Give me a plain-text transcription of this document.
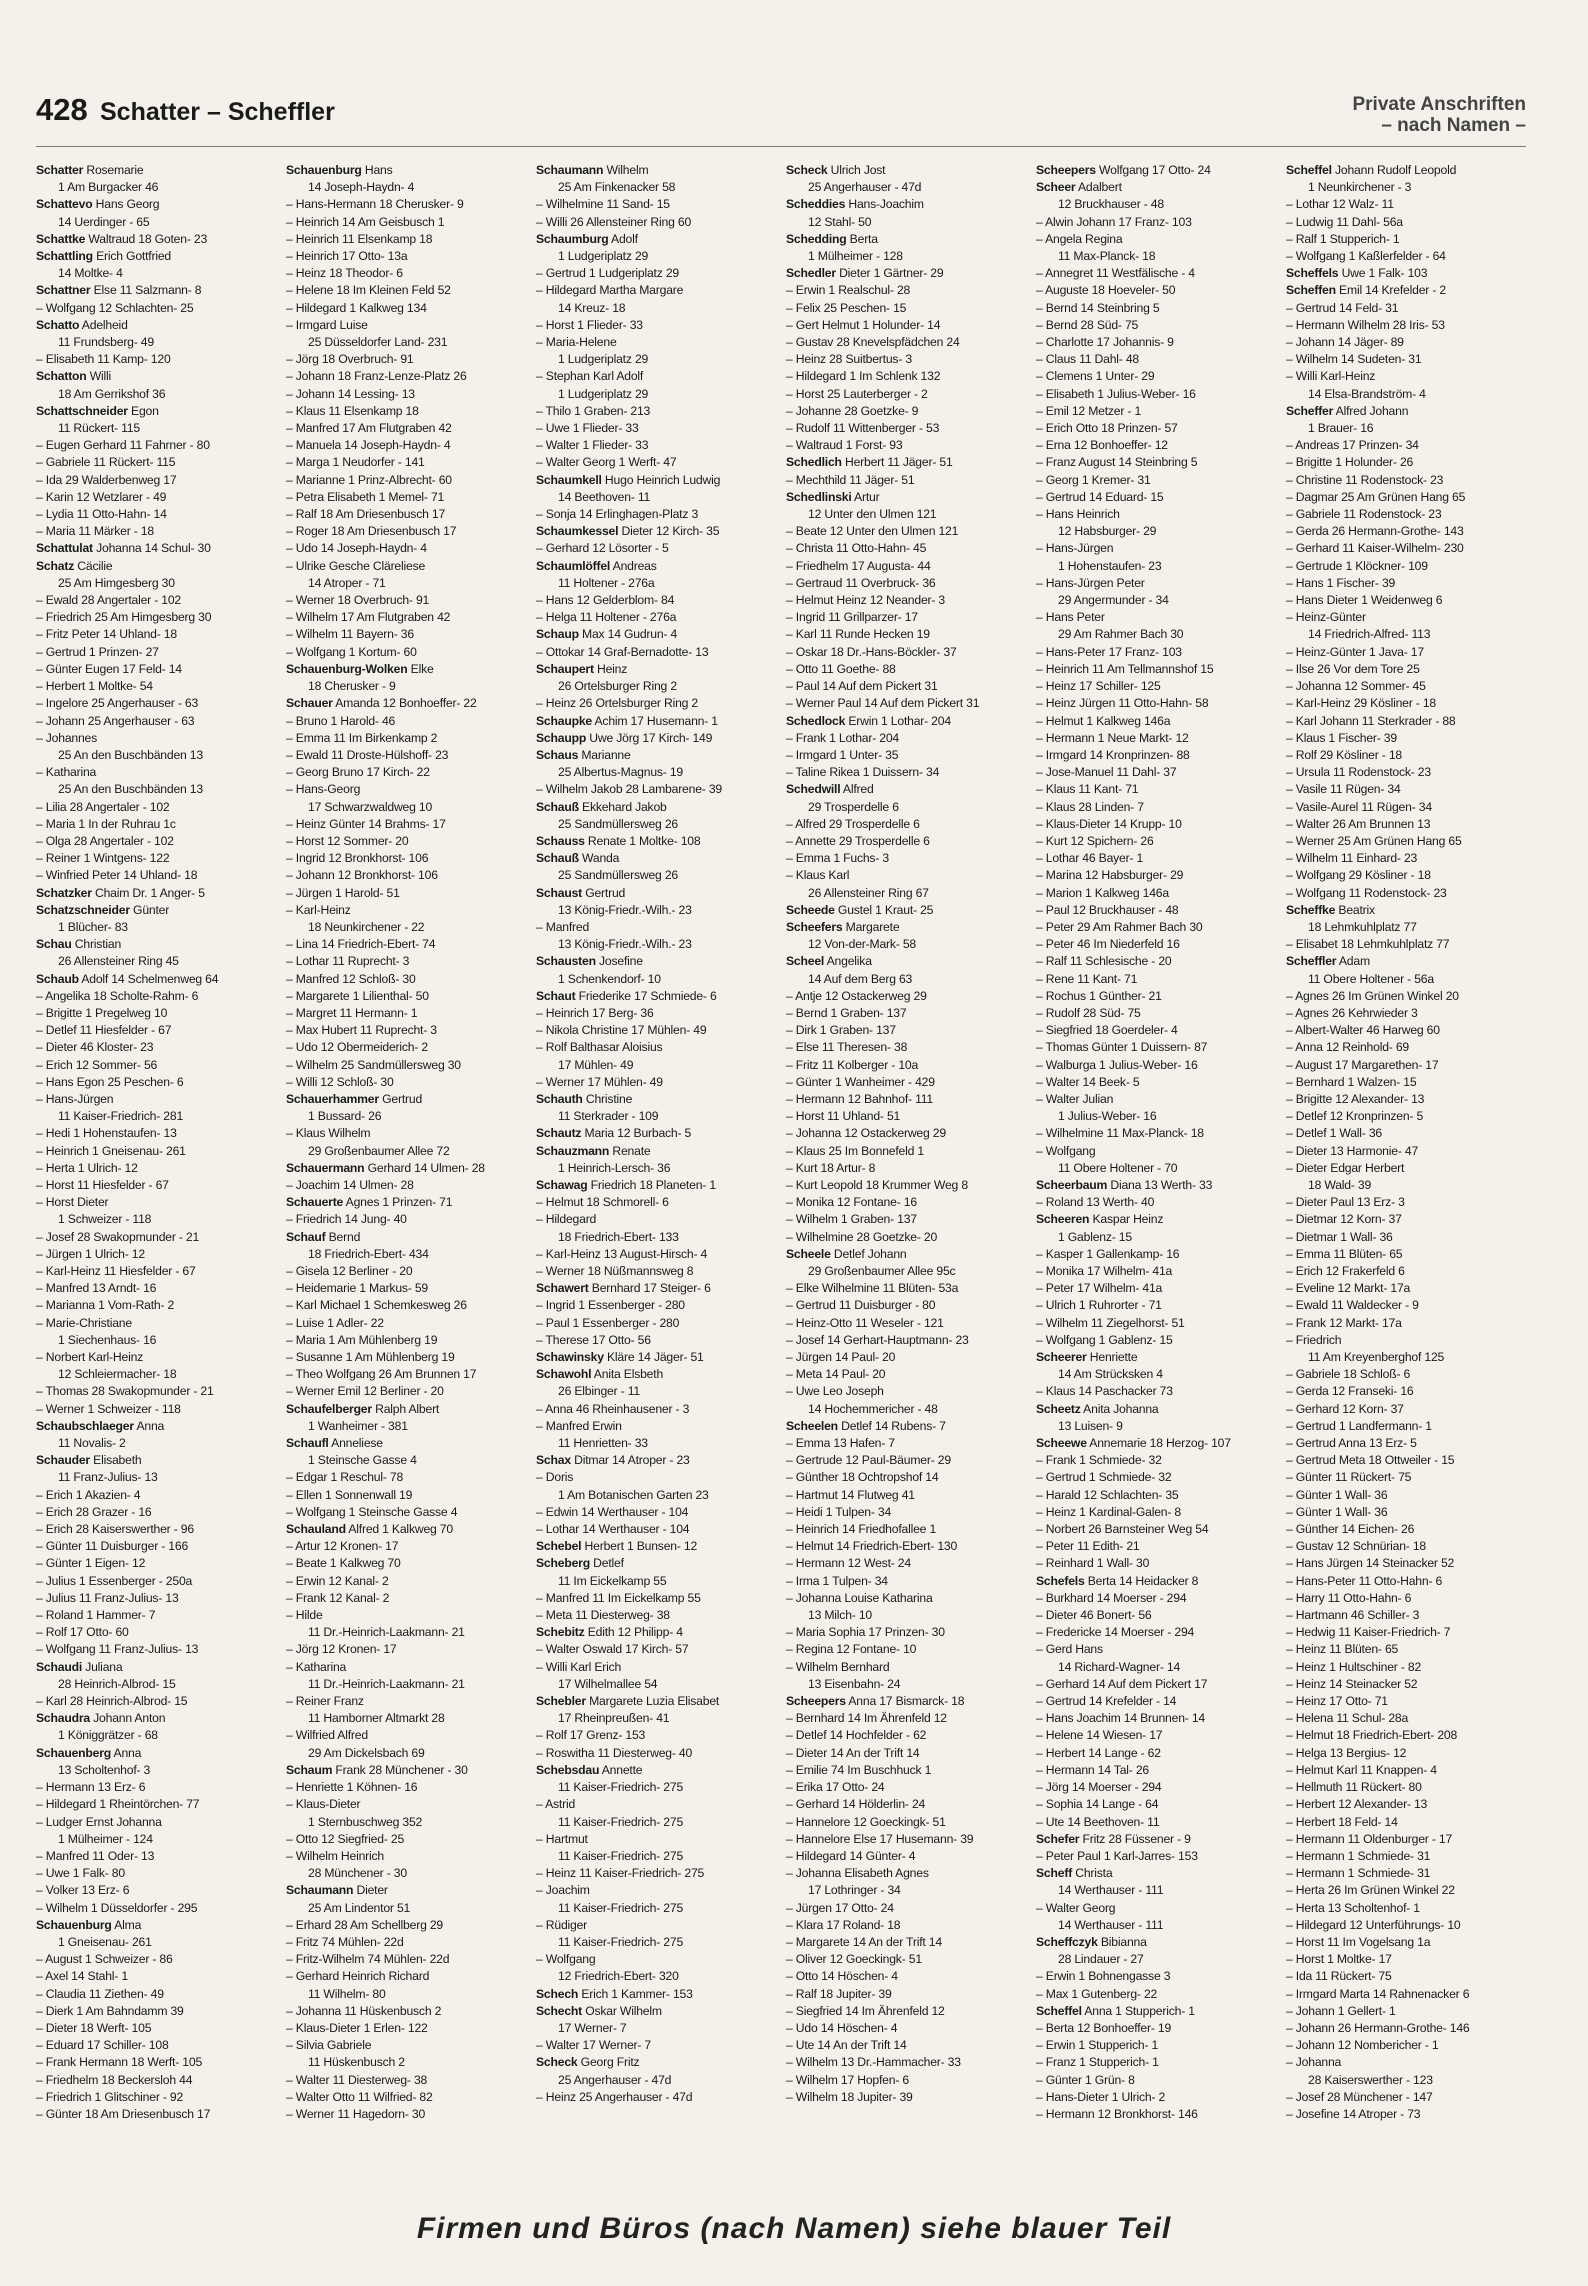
428 Schatter – Scheffler	Private Anschriften
– nach Namen –
Schatter Rosemarie
1 Am Burgacker 46
Schattevo Hans Georg
14 Uerdinger - 65
Schattke Waltraud 18 Goten- 23
Schattling Erich Gottfried
14 Moltke- 4
Schattner Else 11 Salzmann- 8
– Wolfgang 12 Schlachten- 25
Schatto Adelheid
11 Frundsberg- 49
– Elisabeth 11 Kamp- 120
Schatton Willi
18 Am Gerrikshof 36
Schattschneider Egon
11 Rückert- 115
– Eugen Gerhard 11 Fahrner - 80
– Gabriele 11 Rückert- 115
– Ida 29 Walderbenweg 17
– Karin 12 Wetzlarer - 49
– Lydia 11 Otto-Hahn- 14
– Maria 11 Märker - 18
Schattulat Johanna 14 Schul- 30
Schatz Cäcilie
25 Am Himgesberg 30
– Ewald 28 Angertaler - 102
– Friedrich 25 Am Himgesberg 30
– Fritz Peter 14 Uhland- 18
– Gertrud 1 Prinzen- 27
– Günter Eugen 17 Feld- 14
– Herbert 1 Moltke- 54
– Ingelore 25 Angerhauser - 63
– Johann 25 Angerhauser - 63
– Johannes
25 An den Buschbänden 13
– Katharina
25 An den Buschbänden 13
– Lilia 28 Angertaler - 102
– Maria 1 In der Ruhrau 1c
– Olga 28 Angertaler - 102
– Reiner 1 Wintgens- 122
– Winfried Peter 14 Uhland- 18
Schatzker Chaim Dr. 1 Anger- 5
Schatzschneider Günter
1 Blücher- 83
Schau Christian
26 Allensteiner Ring 45
Schaub Adolf 14 Schelmenweg 64
– Angelika 18 Scholte-Rahm- 6
– Brigitte 1 Pregelweg 10
– Detlef 11 Hiesfelder - 67
– Dieter 46 Kloster- 23
– Erich 12 Sommer- 56
– Hans Egon 25 Peschen- 6
– Hans-Jürgen
11 Kaiser-Friedrich- 281
– Hedi 1 Hohenstaufen- 13
– Heinrich 1 Gneisenau- 261
– Herta 1 Ulrich- 12
– Horst 11 Hiesfelder - 67
– Horst Dieter
1 Schweizer - 118
– Josef 28 Swakopmunder - 21
– Jürgen 1 Ulrich- 12
– Karl-Heinz 11 Hiesfelder - 67
– Manfred 13 Arndt- 16
– Marianna 1 Vom-Rath- 2
– Marie-Christiane
1 Siechenhaus- 16
– Norbert Karl-Heinz
12 Schleiermacher- 18
– Thomas 28 Swakopmunder - 21
– Werner 1 Schweizer - 118
Schaubschlaeger Anna
11 Novalis- 2
Schauder Elisabeth
11 Franz-Julius- 13
– Erich 1 Akazien- 4
– Erich 28 Grazer - 16
– Erich 28 Kaiserswerther - 96
– Günter 11 Duisburger - 166
– Günter 1 Eigen- 12
– Julius 1 Essenberger - 250a
– Julius 11 Franz-Julius- 13
– Roland 1 Hammer- 7
– Rolf 17 Otto- 60
– Wolfgang 11 Franz-Julius- 13
Schaudi Juliana
28 Heinrich-Albrod- 15
– Karl 28 Heinrich-Albrod- 15
Schaudra Johann Anton
1 Königgrätzer - 68
Schauenberg Anna
13 Scholtenhof- 3
– Hermann 13 Erz- 6
– Hildegard 1 Rheintörchen- 77
– Ludger Ernst Johanna
1 Mülheimer - 124
– Manfred 11 Oder- 13
– Uwe 1 Falk- 80
– Volker 13 Erz- 6
– Wilhelm 1 Düsseldorfer - 295
Schauenburg Alma
1 Gneisenau- 261
– August 1 Schweizer - 86
– Axel 14 Stahl- 1
– Claudia 11 Ziethen- 49
– Dierk 1 Am Bahndamm 39
– Dieter 18 Werft- 105
– Eduard 17 Schiller- 108
– Frank Hermann 18 Werft- 105
– Friedhelm 18 Beckersloh 44
– Friedrich 1 Glitschiner - 92
– Günter 18 Am Driesenbusch 17
Schauenburg Hans
14 Joseph-Haydn- 4
– Hans-Hermann 18 Cherusker- 9
– Heinrich 14 Am Geisbusch 1
– Heinrich 11 Elsenkamp 18
– Heinrich 17 Otto- 13a
– Heinz 18 Theodor- 6
– Helene 18 Im Kleinen Feld 52
– Hildegard 1 Kalkweg 134
– Irmgard Luise
25 Düsseldorfer Land- 231
– Jörg 18 Overbruch- 91
– Johann 18 Franz-Lenze-Platz 26
– Johann 14 Lessing- 13
– Klaus 11 Elsenkamp 18
– Manfred 17 Am Flutgraben 42
– Manuela 14 Joseph-Haydn- 4
– Marga 1 Neudorfer - 141
– Marianne 1 Prinz-Albrecht- 60
– Petra Elisabeth 1 Memel- 71
– Ralf 18 Am Driesenbusch 17
– Roger 18 Am Driesenbusch 17
– Udo 14 Joseph-Haydn- 4
– Ulrike Gesche Cläreliese
14 Atroper - 71
– Werner 18 Overbruch- 91
– Wilhelm 17 Am Flutgraben 42
– Wilhelm 11 Bayern- 36
– Wolfgang 1 Kortum- 60
Schauenburg-Wolken Elke
18 Cherusker - 9
Schauer Amanda 12 Bonhoeffer- 22
– Bruno 1 Harold- 46
– Emma 11 Im Birkenkamp 2
– Ewald 11 Droste-Hülshoff- 23
– Georg Bruno 17 Kirch- 22
– Hans-Georg
17 Schwarzwaldweg 10
– Heinz Günter 14 Brahms- 17
– Horst 12 Sommer- 20
– Ingrid 12 Bronkhorst- 106
– Johann 12 Bronkhorst- 106
– Jürgen 1 Harold- 51
– Karl-Heinz
18 Neunkirchener - 22
– Lina 14 Friedrich-Ebert- 74
– Lothar 11 Ruprecht- 3
– Manfred 12 Schloß- 30
– Margarete 1 Lilienthal- 50
– Margret 11 Hermann- 1
– Max Hubert 11 Ruprecht- 3
– Udo 12 Obermeiderich- 2
– Wilhelm 25 Sandmüllersweg 30
– Willi 12 Schloß- 30
Schauerhammer Gertrud
1 Bussard- 26
– Klaus Wilhelm
29 Großenbaumer Allee 72
Schauermann Gerhard 14 Ulmen- 28
– Joachim 14 Ulmen- 28
Schauerte Agnes 1 Prinzen- 71
– Friedrich 14 Jung- 40
Schauf Bernd
18 Friedrich-Ebert- 434
– Gisela 12 Berliner - 20
– Heidemarie 1 Markus- 59
– Karl Michael 1 Schemkesweg 26
– Luise 1 Adler- 22
– Maria 1 Am Mühlenberg 19
– Susanne 1 Am Mühlenberg 19
– Theo Wolfgang 26 Am Brunnen 17
– Werner Emil 12 Berliner - 20
Schaufelberger Ralph Albert
1 Wanheimer - 381
Schaufl Anneliese
1 Steinsche Gasse 4
– Edgar 1 Reschul- 78
– Ellen 1 Sonnenwall 19
– Wolfgang 1 Steinsche Gasse 4
Schauland Alfred 1 Kalkweg 70
– Artur 12 Kronen- 17
– Beate 1 Kalkweg 70
– Erwin 12 Kanal- 2
– Frank 12 Kanal- 2
– Hilde
11 Dr.-Heinrich-Laakmann- 21
– Jörg 12 Kronen- 17
– Katharina
11 Dr.-Heinrich-Laakmann- 21
– Reiner Franz
11 Hamborner Altmarkt 28
– Wilfried Alfred
29 Am Dickelsbach 69
Schaum Frank 28 Münchener - 30
– Henriette 1 Köhnen- 16
– Klaus-Dieter
1 Sternbuschweg 352
– Otto 12 Siegfried- 25
– Wilhelm Heinrich
28 Münchener - 30
Schaumann Dieter
25 Am Lindentor 51
– Erhard 28 Am Schellberg 29
– Fritz 74 Mühlen- 22d
– Fritz-Wilhelm 74 Mühlen- 22d
– Gerhard Heinrich Richard
11 Wilhelm- 80
– Johanna 11 Hüskenbusch 2
– Klaus-Dieter 1 Erlen- 122
– Silvia Gabriele
11 Hüskenbusch 2
– Walter 11 Diesterweg- 38
– Walter Otto 11 Wilfried- 82
– Werner 11 Hagedorn- 30
Schaumann Wilhelm
25 Am Finkenacker 58
– Wilhelmine 11 Sand- 15
– Willi 26 Allensteiner Ring 60
Schaumburg Adolf
1 Ludgeriplatz 29
– Gertrud 1 Ludgeriplatz 29
– Hildegard Martha Margare
14 Kreuz- 18
– Horst 1 Flieder- 33
– Maria-Helene
1 Ludgeriplatz 29
– Stephan Karl Adolf
1 Ludgeriplatz 29
– Thilo 1 Graben- 213
– Uwe 1 Flieder- 33
– Walter 1 Flieder- 33
– Walter Georg 1 Werft- 47
Schaumkell Hugo Heinrich Ludwig
14 Beethoven- 11
– Sonja 14 Erlinghagen-Platz 3
Schaumkessel Dieter 12 Kirch- 35
– Gerhard 12 Lösorter - 5
Schaumlöffel Andreas
11 Holtener - 276a
– Hans 12 Gelderblom- 84
– Helga 11 Holtener - 276a
Schaup Max 14 Gudrun- 4
– Ottokar 14 Graf-Bernadotte- 13
Schaupert Heinz
26 Ortelsburger Ring 2
– Heinz 26 Ortelsburger Ring 2
Schaupke Achim 17 Husemann- 1
Schaupp Uwe Jörg 17 Kirch- 149
Schaus Marianne
25 Albertus-Magnus- 19
– Wilhelm Jakob 28 Lambarene- 39
Schauß Ekkehard Jakob
25 Sandmüllersweg 26
Schauss Renate 1 Moltke- 108
Schauß Wanda
25 Sandmüllersweg 26
Schaust Gertrud
13 König-Friedr.-Wilh.- 23
– Manfred
13 König-Friedr.-Wilh.- 23
Schausten Josefine
1 Schenkendorf- 10
Schaut Friederike 17 Schmiede- 6
– Heinrich 17 Berg- 36
– Nikola Christine 17 Mühlen- 49
– Rolf Balthasar Aloisius
17 Mühlen- 49
– Werner 17 Mühlen- 49
Schauth Christine
11 Sterkrader - 109
Schautz Maria 12 Burbach- 5
Schauzmann Renate
1 Heinrich-Lersch- 36
Schawag Friedrich 18 Planeten- 1
– Helmut 18 Schmorell- 6
– Hildegard
18 Friedrich-Ebert- 133
– Karl-Heinz 13 August-Hirsch- 4
– Werner 18 Nüßmannsweg 8
Schawert Bernhard 17 Steiger- 6
– Ingrid 1 Essenberger - 280
– Paul 1 Essenberger - 280
– Therese 17 Otto- 56
Schawinsky Kläre 14 Jäger- 51
Schawohl Anita Elsbeth
26 Elbinger - 11
– Anna 46 Rheinhausener - 3
– Manfred Erwin
11 Henrietten- 33
Schax Ditmar 14 Atroper - 23
– Doris
1 Am Botanischen Garten 23
– Edwin 14 Werthauser - 104
– Lothar 14 Werthauser - 104
Schebel Herbert 1 Bunsen- 12
Scheberg Detlef
11 Im Eickelkamp 55
– Manfred 11 Im Eickelkamp 55
– Meta 11 Diesterweg- 38
Schebitz Edith 12 Philipp- 4
– Walter Oswald 17 Kirch- 57
– Willi Karl Erich
17 Wilhelmallee 54
Schebler Margarete Luzia Elisabet
17 Rheinpreußen- 41
– Rolf 17 Grenz- 153
– Roswitha 11 Diesterweg- 40
Schebsdau Annette
11 Kaiser-Friedrich- 275
– Astrid
11 Kaiser-Friedrich- 275
– Hartmut
11 Kaiser-Friedrich- 275
– Heinz 11 Kaiser-Friedrich- 275
– Joachim
11 Kaiser-Friedrich- 275
– Rüdiger
11 Kaiser-Friedrich- 275
– Wolfgang
12 Friedrich-Ebert- 320
Schech Erich 1 Kammer- 153
Schecht Oskar Wilhelm
17 Werner- 7
– Walter 17 Werner- 7
Scheck Georg Fritz
25 Angerhauser - 47d
– Heinz 25 Angerhauser - 47d
Scheck Ulrich Jost
25 Angerhauser - 47d
Scheddies Hans-Joachim
12 Stahl- 50
Schedding Berta
1 Mülheimer - 128
Schedler Dieter 1 Gärtner- 29
– Erwin 1 Realschul- 28
– Felix 25 Peschen- 15
– Gert Helmut 1 Holunder- 14
– Gustav 28 Knevelspfädchen 24
– Heinz 28 Suitbertus- 3
– Hildegard 1 Im Schlenk 132
– Horst 25 Lauterberger - 2
– Johanne 28 Goetzke- 9
– Rudolf 11 Wittenberger - 53
– Waltraud 1 Forst- 93
Schedlich Herbert 11 Jäger- 51
– Mechthild 11 Jäger- 51
Schedlinski Artur
12 Unter den Ulmen 121
– Beate 12 Unter den Ulmen 121
– Christa 11 Otto-Hahn- 45
– Friedhelm 17 Augusta- 44
– Gertraud 11 Overbruck- 36
– Helmut Heinz 12 Neander- 3
– Ingrid 11 Grillparzer- 17
– Karl 11 Runde Hecken 19
– Oskar 18 Dr.-Hans-Böckler- 37
– Otto 11 Goethe- 88
– Paul 14 Auf dem Pickert 31
– Werner Paul 14 Auf dem Pickert 31
Schedlock Erwin 1 Lothar- 204
– Frank 1 Lothar- 204
– Irmgard 1 Unter- 35
– Taline Rikea 1 Duissern- 34
Schedwill Alfred
29 Trosperdelle 6
– Alfred 29 Trosperdelle 6
– Annette 29 Trosperdelle 6
– Emma 1 Fuchs- 3
– Klaus Karl
26 Allensteiner Ring 67
Scheede Gustel 1 Kraut- 25
Scheefers Margarete
12 Von-der-Mark- 58
Scheel Angelika
14 Auf dem Berg 63
– Antje 12 Ostackerweg 29
– Bernd 1 Graben- 137
– Dirk 1 Graben- 137
– Else 11 Theresen- 38
– Fritz 11 Kolberger - 10a
– Günter 1 Wanheimer - 429
– Hermann 12 Bahnhof- 111
– Horst 11 Uhland- 51
– Johanna 12 Ostackerweg 29
– Klaus 25 Im Bonnefeld 1
– Kurt 18 Artur- 8
– Kurt Leopold 18 Krummer Weg 8
– Monika 12 Fontane- 16
– Wilhelm 1 Graben- 137
– Wilhelmine 28 Goetzke- 20
Scheele Detlef Johann
29 Großenbaumer Allee 95c
– Elke Wilhelmine 11 Blüten- 53a
– Gertrud 11 Duisburger - 80
– Heinz-Otto 11 Weseler - 121
– Josef 14 Gerhart-Hauptmann- 23
– Jürgen 14 Paul- 20
– Meta 14 Paul- 20
– Uwe Leo Joseph
14 Hochemmericher - 48
Scheelen Detlef 14 Rubens- 7
– Emma 13 Hafen- 7
– Gertrude 12 Paul-Bäumer- 29
– Günther 18 Ochtropshof 14
– Hartmut 14 Flutweg 41
– Heidi 1 Tulpen- 34
– Heinrich 14 Friedhofallee 1
– Helmut 14 Friedrich-Ebert- 130
– Hermann 12 West- 24
– Irma 1 Tulpen- 34
– Johanna Louise Katharina
13 Milch- 10
– Maria Sophia 17 Prinzen- 30
– Regina 12 Fontane- 10
– Wilhelm Bernhard
13 Eisenbahn- 24
Scheepers Anna 17 Bismarck- 18
– Bernhard 14 Im Ährenfeld 12
– Detlef 14 Hochfelder - 62
– Dieter 14 An der Trift 14
– Emilie 74 Im Buschhuck 1
– Erika 17 Otto- 24
– Gerhard 14 Hölderlin- 24
– Hannelore 12 Goeckingk- 51
– Hannelore Else 17 Husemann- 39
– Hildegard 14 Günter- 4
– Johanna Elisabeth Agnes
17 Lothringer - 34
– Jürgen 17 Otto- 24
– Klara 17 Roland- 18
– Margarete 14 An der Trift 14
– Oliver 12 Goeckingk- 51
– Otto 14 Höschen- 4
– Ralf 18 Jupiter- 39
– Siegfried 14 Im Ährenfeld 12
– Udo 14 Höschen- 4
– Ute 14 An der Trift 14
– Wilhelm 13 Dr.-Hammacher- 33
– Wilhelm 17 Hopfen- 6
– Wilhelm 18 Jupiter- 39
Scheepers Wolfgang 17 Otto- 24
Scheer Adalbert
12 Bruckhauser - 48
– Alwin Johann 17 Franz- 103
– Angela Regina
11 Max-Planck- 18
– Annegret 11 Westfälische - 4
– Auguste 18 Hoeveler- 50
– Bernd 14 Steinbring 5
– Bernd 28 Süd- 75
– Charlotte 17 Johannis- 9
– Claus 11 Dahl- 48
– Clemens 1 Unter- 29
– Elisabeth 1 Julius-Weber- 16
– Emil 12 Metzer - 1
– Erich Otto 18 Prinzen- 57
– Erna 12 Bonhoeffer- 12
– Franz August 14 Steinbring 5
– Georg 1 Kremer- 31
– Gertrud 14 Eduard- 15
– Hans Heinrich
12 Habsburger- 29
– Hans-Jürgen
1 Hohenstaufen- 23
– Hans-Jürgen Peter
29 Angermunder - 34
– Hans Peter
29 Am Rahmer Bach 30
– Hans-Peter 17 Franz- 103
– Heinrich 11 Am Tellmannshof 15
– Heinz 17 Schiller- 125
– Heinz Jürgen 11 Otto-Hahn- 58
– Helmut 1 Kalkweg 146a
– Hermann 1 Neue Markt- 12
– Irmgard 14 Kronprinzen- 88
– Jose-Manuel 11 Dahl- 37
– Klaus 11 Kant- 71
– Klaus 28 Linden- 7
– Klaus-Dieter 14 Krupp- 10
– Kurt 12 Spichern- 26
– Lothar 46 Bayer- 1
– Marina 12 Habsburger- 29
– Marion 1 Kalkweg 146a
– Paul 12 Bruckhauser - 48
– Peter 29 Am Rahmer Bach 30
– Peter 46 Im Niederfeld 16
– Ralf 11 Schlesische - 20
– Rene 11 Kant- 71
– Rochus 1 Günther- 21
– Rudolf 28 Süd- 75
– Siegfried 18 Goerdeler- 4
– Thomas Günter 1 Duissern- 87
– Walburga 1 Julius-Weber- 16
– Walter 14 Beek- 5
– Walter Julian
1 Julius-Weber- 16
– Wilhelmine 11 Max-Planck- 18
– Wolfgang
11 Obere Holtener - 70
Scheerbaum Diana 13 Werth- 33
– Roland 13 Werth- 40
Scheeren Kaspar Heinz
1 Gablenz- 15
– Kasper 1 Gallenkamp- 16
– Monika 17 Wilhelm- 41a
– Peter 17 Wilhelm- 41a
– Ulrich 1 Ruhrorter - 71
– Wilhelm 11 Ziegelhorst- 51
– Wolfgang 1 Gablenz- 15
Scheerer Henriette
14 Am Strücksken 4
– Klaus 14 Paschacker 73
Scheetz Anita Johanna
13 Luisen- 9
Scheewe Annemarie 18 Herzog- 107
– Frank 1 Schmiede- 32
– Gertrud 1 Schmiede- 32
– Harald 12 Schlachten- 35
– Heinz 1 Kardinal-Galen- 8
– Norbert 26 Barnsteiner Weg 54
– Peter 11 Edith- 21
– Reinhard 1 Wall- 30
Schefels Berta 14 Heidacker 8
– Burkhard 14 Moerser - 294
– Dieter 46 Bonert- 56
– Fredericke 14 Moerser - 294
– Gerd Hans
14 Richard-Wagner- 14
– Gerhard 14 Auf dem Pickert 17
– Gertrud 14 Krefelder - 14
– Hans Joachim 14 Brunnen- 14
– Helene 14 Wiesen- 17
– Herbert 14 Lange - 62
– Hermann 14 Tal- 26
– Jörg 14 Moerser - 294
– Sophia 14 Lange - 64
– Ute 14 Beethoven- 11
Schefer Fritz 28 Füssener - 9
– Peter Paul 1 Karl-Jarres- 153
Scheff Christa
14 Werthauser - 111
– Walter Georg
14 Werthauser - 111
Scheffczyk Bibianna
28 Lindauer - 27
– Erwin 1 Bohnengasse 3
– Max 1 Gutenberg- 22
Scheffel Anna 1 Stupperich- 1
– Berta 12 Bonhoeffer- 19
– Erwin 1 Stupperich- 1
– Franz 1 Stupperich- 1
– Günter 1 Grün- 8
– Hans-Dieter 1 Ulrich- 2
– Hermann 12 Bronkhorst- 146
Scheffel Johann Rudolf Leopold
1 Neunkirchener - 3
– Lothar 12 Walz- 11
– Ludwig 11 Dahl- 56a
– Ralf 1 Stupperich- 1
– Wolfgang 1 Kaßlerfelder - 64
Scheffels Uwe 1 Falk- 103
Scheffen Emil 14 Krefelder - 2
– Gertrud 14 Feld- 31
– Hermann Wilhelm 28 Iris- 53
– Johann 14 Jäger- 89
– Wilhelm 14 Sudeten- 31
– Willi Karl-Heinz
14 Elsa-Brandström- 4
Scheffer Alfred Johann
1 Brauer- 16
– Andreas 17 Prinzen- 34
– Brigitte 1 Holunder- 26
– Christine 11 Rodenstock- 23
– Dagmar 25 Am Grünen Hang 65
– Gabriele 11 Rodenstock- 23
– Gerda 26 Hermann-Grothe- 143
– Gerhard 11 Kaiser-Wilhelm- 230
– Gertrude 1 Klöckner- 109
– Hans 1 Fischer- 39
– Hans Dieter 1 Weidenweg 6
– Heinz-Günter
14 Friedrich-Alfred- 113
– Heinz-Günter 1 Java- 17
– Ilse 26 Vor dem Tore 25
– Johanna 12 Sommer- 45
– Karl-Heinz 29 Kösliner - 18
– Karl Johann 11 Sterkrader - 88
– Klaus 1 Fischer- 39
– Rolf 29 Kösliner - 18
– Ursula 11 Rodenstock- 23
– Vasile 11 Rügen- 34
– Vasile-Aurel 11 Rügen- 34
– Walter 26 Am Brunnen 13
– Werner 25 Am Grünen Hang 65
– Wilhelm 11 Einhard- 23
– Wolfgang 29 Kösliner - 18
– Wolfgang 11 Rodenstock- 23
Scheffke Beatrix
18 Lehmkuhlplatz 77
– Elisabet 18 Lehmkuhlplatz 77
Scheffler Adam
11 Obere Holtener - 56a
– Agnes 26 Im Grünen Winkel 20
– Agnes 26 Kehrwieder 3
– Albert-Walter 46 Harweg 60
– Anna 12 Reinhold- 69
– August 17 Margarethen- 17
– Bernhard 1 Walzen- 15
– Brigitte 12 Alexander- 13
– Detlef 12 Kronprinzen- 5
– Detlef 1 Wall- 36
– Dieter 13 Harmonie- 47
– Dieter Edgar Herbert
18 Wald- 39
– Dieter Paul 13 Erz- 3
– Dietmar 12 Korn- 37
– Dietmar 1 Wall- 36
– Emma 11 Blüten- 65
– Erich 12 Frakerfeld 6
– Eveline 12 Markt- 17a
– Ewald 11 Waldecker - 9
– Frank 12 Markt- 17a
– Friedrich
11 Am Kreyenberghof 125
– Gabriele 18 Schloß- 6
– Gerda 12 Franseki- 16
– Gerhard 12 Korn- 37
– Gertrud 1 Landfermann- 1
– Gertrud Anna 13 Erz- 5
– Gertrud Meta 18 Ottweiler - 15
– Günter 11 Rückert- 75
– Günter 1 Wall- 36
– Günter 1 Wall- 36
– Günther 14 Eichen- 26
– Gustav 12 Schnürian- 18
– Hans Jürgen 14 Steinacker 52
– Hans-Peter 11 Otto-Hahn- 6
– Harry 11 Otto-Hahn- 6
– Hartmann 46 Schiller- 3
– Hedwig 11 Kaiser-Friedrich- 7
– Heinz 11 Blüten- 65
– Heinz 1 Hultschiner - 82
– Heinz 14 Steinacker 52
– Heinz 17 Otto- 71
– Helena 11 Schul- 28a
– Helmut 18 Friedrich-Ebert- 208
– Helga 13 Bergius- 12
– Helmut Karl 11 Knappen- 4
– Hellmuth 11 Rückert- 80
– Herbert 12 Alexander- 13
– Herbert 18 Feld- 14
– Hermann 11 Oldenburger - 17
– Hermann 1 Schmiede- 31
– Hermann 1 Schmiede- 31
– Herta 26 Im Grünen Winkel 22
– Herta 13 Scholtenhof- 1
– Hildegard 12 Unterführungs- 10
– Horst 11 Im Vogelsang 1a
– Horst 1 Moltke- 17
– Ida 11 Rückert- 75
– Irmgard Marta 14 Rahnenacker 6
– Johann 1 Gellert- 1
– Johann 26 Hermann-Grothe- 146
– Johann 12 Nombericher - 1
– Johanna
28 Kaiserswerther - 123
– Josef 28 Münchener - 147
– Josefine 14 Atroper - 73
Firmen und Büros (nach Namen) siehe blauer Teil
